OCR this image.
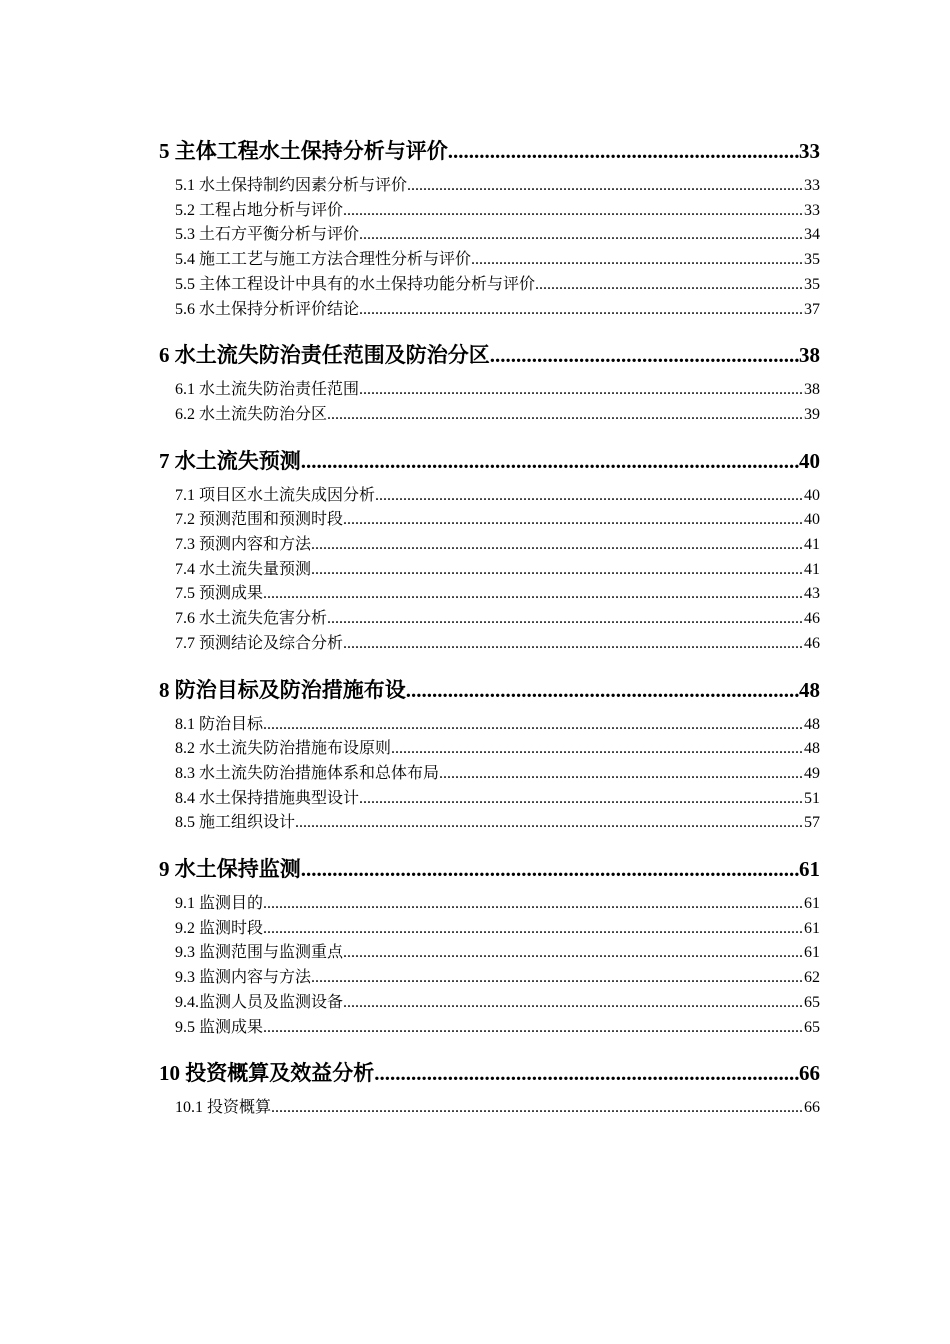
5 主体工程水土保持分析与评价 .....	33
5.1 水土保持制约因素分析与评价 .....	33
5.2 工程占地分析与评价 .....	33
5.3 土石方平衡分析与评价 .....	34
5.4 施工工艺与施工方法合理性分析与评价 .....	35
5.5 主体工程设计中具有的水土保持功能分析与评价 .....	35
5.6 水土保持分析评价结论 .....	37
6 水土流失防治责任范围及防治分区 .....	38
6.1 水土流失防治责任范围 .....	38
6.2 水土流失防治分区 .....	39
7 水土流失预测 .....	40
7.1 项目区水土流失成因分析 .....	40
7.2 预测范围和预测时段 .....	40
7.3 预测内容和方法 .....	41
7.4 水土流失量预测 .....	41
7.5 预测成果 .....	43
7.6 水土流失危害分析 .....	46
7.7 预测结论及综合分析 .....	46
8 防治目标及防治措施布设 .....	48
8.1 防治目标 .....	48
8.2 水土流失防治措施布设原则 .....	48
8.3 水土流失防治措施体系和总体布局 .....	49
8.4 水土保持措施典型设计 .....	51
8.5 施工组织设计 .....	57
9 水土保持监测 .....	61
9.1 监测目的 .....	61
9.2 监测时段 .....	61
9.3 监测范围与监测重点 .....	61
9.3 监测内容与方法 .....	62
9.4.监测人员及监测设备 .....	65
9.5 监测成果 .....	65
10 投资概算及效益分析 .....	66
10.1 投资概算 .....	66
